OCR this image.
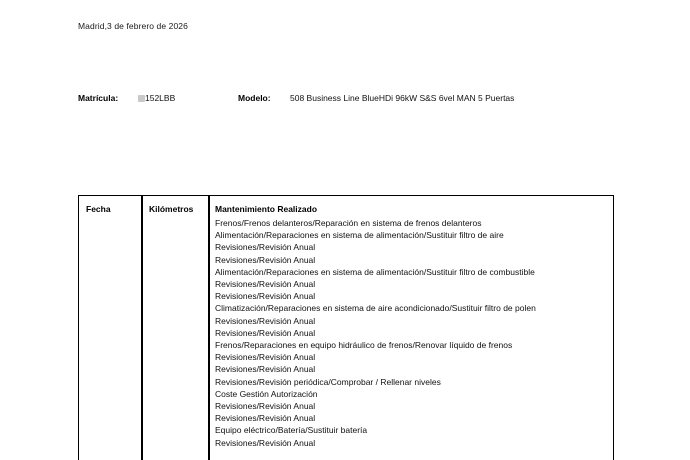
Madrid,3 de febrero de 2026
Matrícula:	152LBB	Modelo: 508 Business Line BlueHDi 96kW S&S 6vel MAN 5 Puertas
Fecha	Kilómetros	Mantenimiento Realizado
Frenos/Frenos delanteros/Reparación en sistema de frenos delanteros
Alimentación/Reparaciones en sistema de alimentación/Sustituir filtro de aire
Revisiones/Revisión Anual
Revisiones/Revisión Anual
Alimentación/Reparaciones en sistema de alimentación/Sustituir filtro de combustible
Revisiones/Revisión Anual
Revisiones/Revisión Anual
Climatización/Reparaciones en sistema de aire acondicionado/Sustituir filtro de polen
Revisiones/Revisión Anual
Revisiones/Revisión Anual
Frenos/Reparaciones en equipo hidráulico de frenos/Renovar líquido de frenos
Revisiones/Revisión Anual
Revisiones/Revisión Anual
Revisiones/Revisión periódica/Comprobar / Rellenar niveles
Coste Gestión Autorización
Revisiones/Revisión Anual
Revisiones/Revisión Anual
Equipo eléctrico/Batería/Sustituir batería
Revisiones/Revisión Anual
